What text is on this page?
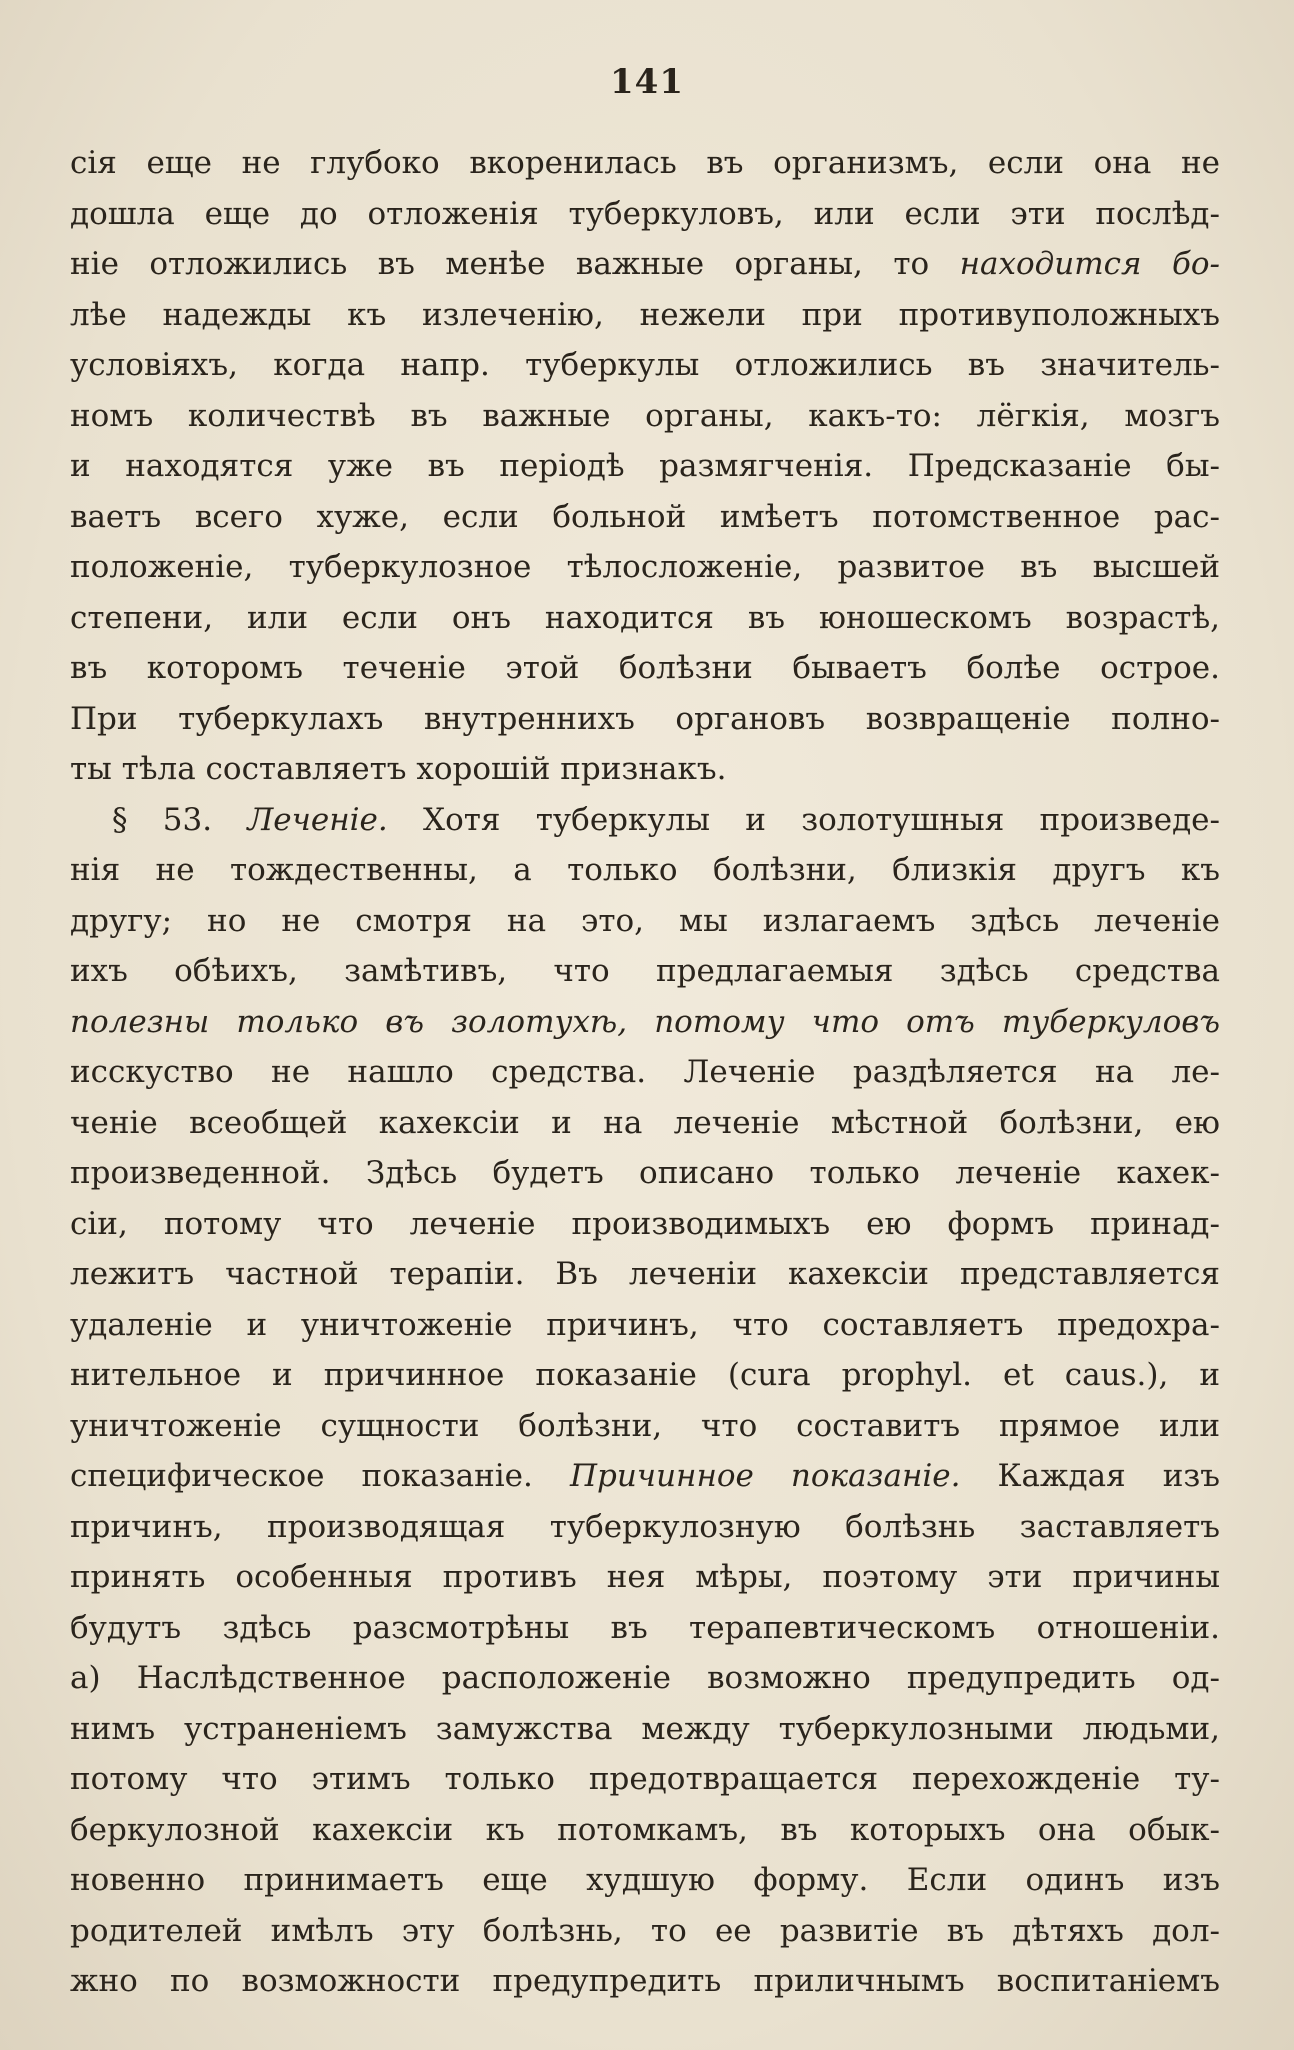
141
сія еще не глубоко вкоренилась въ организмъ, если она не
дошла еще до отложенія туберкуловъ, или если эти послѣд-
ніе отложились въ менѣе важные органы, то находится бо-
лѣе надежды къ излеченію, нежели при противуположныхъ
условіяхъ, когда напр. туберкулы отложились въ значитель-
номъ количествѣ въ важные органы, какъ-то: лёгкія, мозгъ
и находятся уже въ періодѣ размягченія. Предсказаніе бы-
ваетъ всего хуже, если больной имѣетъ потомственное рас-
положеніе, туберкулозное тѣлосложеніе, развитое въ высшей
степени, или если онъ находится въ юношескомъ возрастѣ,
въ которомъ теченіе этой болѣзни бываетъ болѣе острое.
При туберкулахъ внутреннихъ органовъ возвращеніе полно-
ты тѣла составляетъ хорошій признакъ.
§ 53. Леченіе. Хотя туберкулы и золотушныя произведе-
нія не тождественны, а только болѣзни, близкія другъ къ
другу; но не смотря на это, мы излагаемъ здѣсь леченіе
ихъ обѣихъ, замѣтивъ, что предлагаемыя здѣсь средства
полезны только въ золотухѣ, потому что отъ туберкуловъ
исскуство не нашло средства. Леченіе раздѣляется на ле-
ченіе всеобщей кахексіи и на леченіе мѣстной болѣзни, ею
произведенной. Здѣсь будетъ описано только леченіе кахек-
сіи, потому что леченіе производимыхъ ею формъ принад-
лежитъ частной терапіи. Въ леченіи кахексіи представляется
удаленіе и уничтоженіе причинъ, что составляетъ предохра-
нительное и причинное показаніе (cura prophyl. et caus.), и
уничтоженіе сущности болѣзни, что составитъ прямое или
специфическое показаніе. Причинное показаніе. Каждая изъ
причинъ, производящая туберкулозную болѣзнь заставляетъ
принять особенныя противъ нея мѣры, поэтому эти причины
будутъ здѣсь разсмотрѣны въ терапевтическомъ отношеніи.
а) Наслѣдственное расположеніе возможно предупредить од-
нимъ устраненіемъ замужства между туберкулозными людьми,
потому что этимъ только предотвращается перехожденіе ту-
беркулозной кахексіи къ потомкамъ, въ которыхъ она обык-
новенно принимаетъ еще худшую форму. Если одинъ изъ
родителей имѣлъ эту болѣзнь, то ее развитіе въ дѣтяхъ дол-
жно по возможности предупредить приличнымъ воспитаніемъ
